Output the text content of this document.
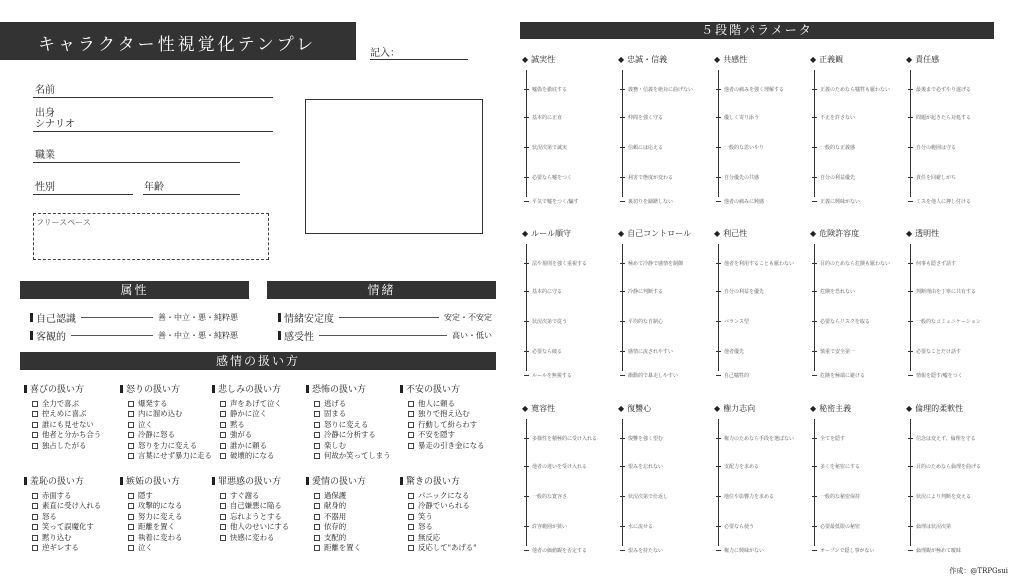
キャラクター性視覚化テンプレ	記入：
名前
出身
シナリオ
職業
性別	年齢
フリースペース
属性	情緒
自己認識	善・中立・悪・純粋悪
客観的	善・中立・悪・純粋悪
情緒安定度	安定・不安定
感受性	高い・低い
感情の扱い方
喜びの扱い方
全力で喜ぶ
控えめに喜ぶ
誰にも見せない
他者と分かち合う
独占したがる
怒りの扱い方
爆発する
内に溜め込む
泣く
冷静に怒る
怒りを力に変える
言葉にせず暴力に走る
悲しみの扱い方
声をあげて泣く
静かに泣く
黙る
強がる
誰かに頼る
破壊的になる
恐怖の扱い方
逃げる
固まる
怒りに変える
冷静に分析する
楽しむ
何故か笑ってしまう
不安の扱い方
他人に頼る
独りで抱え込む
行動して紛らわす
不安を隠す
暴走の引き金になる
羞恥の扱い方
赤面する
素直に受け入れる
怒る
笑って誤魔化す
黙り込む
逆ギレする
嫉妬の扱い方
隠す
攻撃的になる
努力に変える
距離を置く
執着に変わる
泣く
罪悪感の扱い方
すぐ謝る
自己嫌悪に陥る
忘れようとする
他人のせいにする
快感に変わる
愛情の扱い方
過保護
献身的
不器用
依存的
支配的
距離を置く
驚きの扱い方
パニックになる
冷静でいられる
笑う
怒る
無反応
反応して"あげる"
５段階パラメータ
◆ 誠実性
嘘偽を徹底する
基本的に正直
状況次第で誠実
必要なら嘘をつく
平気で嘘をつく/騙す
◆ 忠誠・信義
義務・信義を絶対に曲げない
仲間を強く守る
信頼には応える
利害で態度が変わる
裏切りを躊躇しない
◆ 共感性
他者の痛みを強く理解する
優しく寄り添う
一般的な思いやり
自分優先の共感
他者の痛みに鈍感
◆ 正義観
正義のためなら犠牲も厭わない
不正を許さない
一般的な正義感
自分の利益優先
正義に興味がない
◆ 責任感
最後まで必ずやり遂げる
問題が起きたら対処する
自分の範囲は守る
責任を回避しがち
ミスを他人に押し付ける
◆ ルール順守
法や規則を強く重視する
基本的に守る
状況次第で従う
必要なら破る
ルールを無視する
◆ 自己コントロール
極めて冷静で感情を制御
冷静に判断する
平均的な自制心
感情に流されやすい
衝動的で暴走しやすい
◆ 利己性
他者を利用することも厭わない
自分の利益を優先
バランス型
他者優先
自己犠牲的
◆ 危険許容度
目的のためなら危険も厭わない
危険を恐れない
必要ならリスクを取る
慎重で安全第一
危険を極端に避ける
◆ 透明性
何事も隠さず話す
判断理由を丁寧に共有する
一般的なコミュニケーション
必要なことだけ話す
情報を隠す/嘘をつく
◆ 寛容性
多様性を積極的に受け入れる
他者の違いを受け入れる
一般的な寛容さ
許容範囲が狭い
他者の価値観を否定する
◆ 復讐心
復讐を強く望む
恨みを忘れない
状況次第で仕返し
水に流せる
恨みを持たない
◆ 権力志向
権力のためなら手段を選ばない
支配力を求める
地位や影響力を求める
必要なら使う
権力に興味がない
◆ 秘密主義
全てを隠す
多くを秘密にする
一般的な秘密保持
必要最低限の秘密
オープンで隠し事がない
◆ 倫理的柔軟性
信念は変えず、倫理を守る
目的のためなら倫理を曲げる
状況により判断を変える
倫理は状況次第
倫理観が極めて曖昧
作成：@TRPGsui
